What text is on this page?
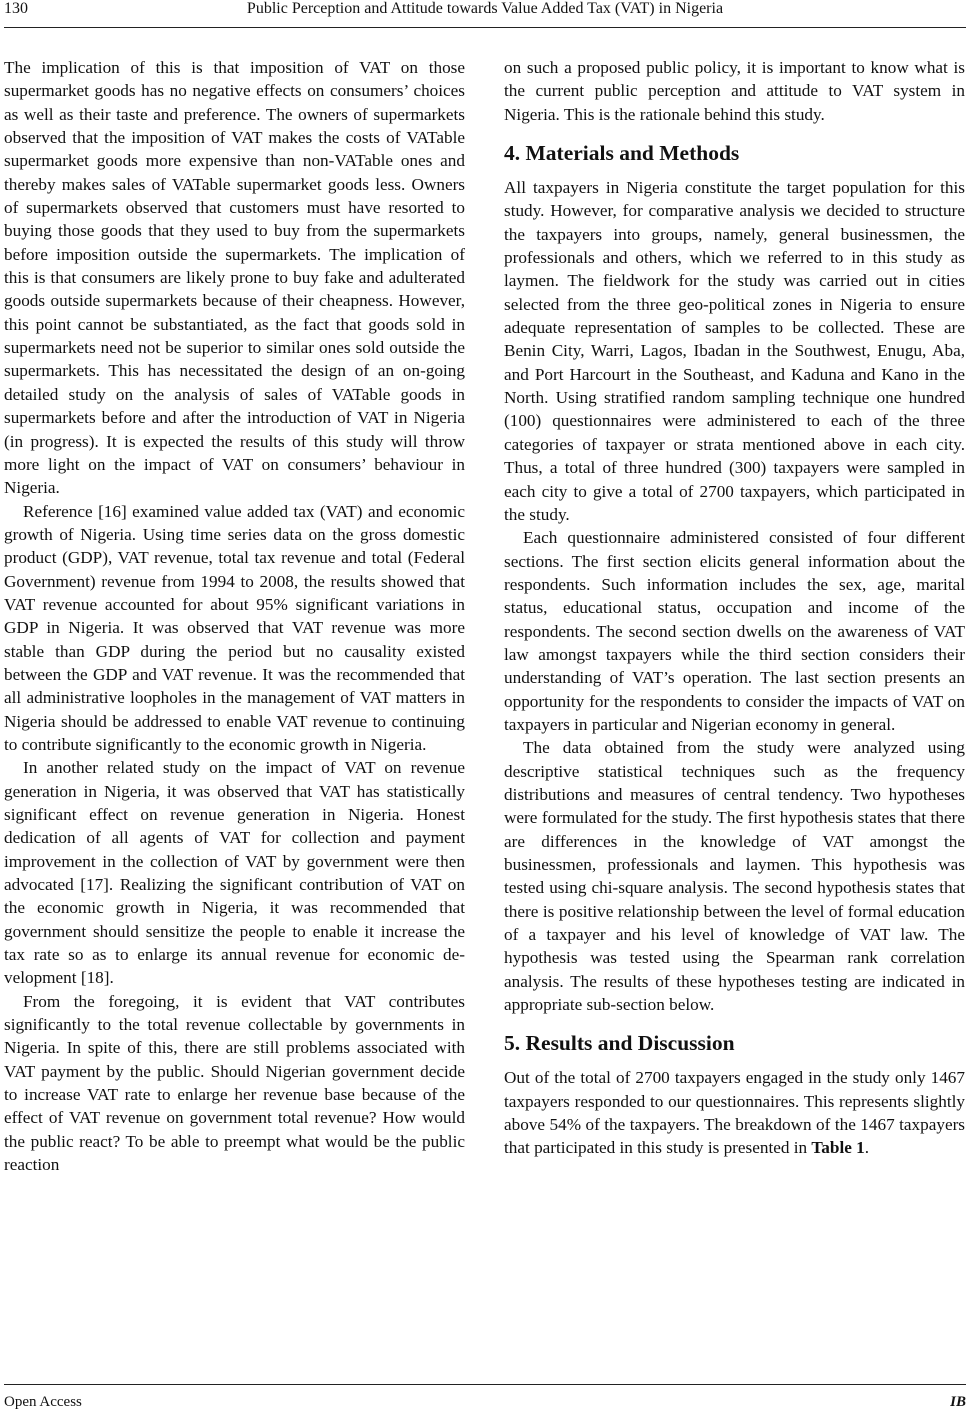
130	Public Perception and Attitude towards Value Added Tax (VAT) in Nigeria

The implication of this is that imposition of VAT on those supermarket goods has no negative effects on consumers’ choices as well as their taste and preference. The owners of supermarkets observed that the imposition of VAT makes the costs of VATable supermarket goods more expensive than non-VATable ones and thereby makes sales of VATable supermarket goods less. Owners of supermarkets observed that customers must have resorted to buying those goods that they used to buy from the supermarkets before imposition outside the supermarkets. The implication of this is that consumers are likely prone to buy fake and adulterated goods outside supermarkets because of their cheapness. However, this point cannot be substantiated, as the fact that goods sold in supermarkets need not be superior to similar ones sold outside the supermarkets. This has necessitated the design of an on-going detailed study on the analysis of sales of VATable goods in supermarkets before and after the introduction of VAT in Nigeria (in progress). It is expected the results of this study will throw more light on the impact of VAT on consumers’ behaviour in Nigeria.

Reference [16] examined value added tax (VAT) and economic growth of Nigeria. Using time series data on the gross domestic product (GDP), VAT revenue, total tax revenue and total (Federal Government) revenue from 1994 to 2008, the results showed that VAT revenue accounted for about 95% significant variations in GDP in Nigeria. It was observed that VAT revenue was more stable than GDP during the period but no causality existed between the GDP and VAT revenue. It was the recommended that all administrative loopholes in the management of VAT matters in Nigeria should be addressed to enable VAT revenue to continuing to contribute significantly to the economic growth in Nigeria.

In another related study on the impact of VAT on revenue generation in Nigeria, it was observed that VAT has statistically significant effect on revenue generation in Nigeria. Honest dedication of all agents of VAT for collection and payment improvement in the collection of VAT by government were then advocated [17]. Realizing the significant contribution of VAT on the economic growth in Nigeria, it was recommended that government should sensitize the people to enable it increase the tax rate so as to enlarge its annual revenue for economic development [18].

From the foregoing, it is evident that VAT contributes significantly to the total revenue collectable by governments in Nigeria. In spite of this, there are still problems associated with VAT payment by the public. Should Nigerian government decide to increase VAT rate to enlarge her revenue base because of the effect of VAT revenue on government total revenue? How would the public react? To be able to preempt what would be the public reaction

on such a proposed public policy, it is important to know what is the current public perception and attitude to VAT system in Nigeria. This is the rationale behind this study.

4. Materials and Methods

All taxpayers in Nigeria constitute the target population for this study. However, for comparative analysis we decided to structure the taxpayers into groups, namely, general businessmen, the professionals and others, which we referred to in this study as laymen. The fieldwork for the study was carried out in cities selected from the three geo-political zones in Nigeria to ensure adequate representation of samples to be collected. These are Benin City, Warri, Lagos, Ibadan in the Southwest, Enugu, Aba, and Port Harcourt in the Southeast, and Kaduna and Kano in the North. Using stratified random sampling technique one hundred (100) questionnaires were administered to each of the three categories of taxpayer or strata mentioned above in each city. Thus, a total of three hundred (300) taxpayers were sampled in each city to give a total of 2700 taxpayers, which participated in the study.

Each questionnaire administered consisted of four different sections. The first section elicits general information about the respondents. Such information includes the sex, age, marital status, educational status, occupation and income of the respondents. The second section dwells on the awareness of VAT law amongst taxpayers while the third section considers their understanding of VAT’s operation. The last section presents an opportunity for the respondents to consider the impacts of VAT on taxpayers in particular and Nigerian economy in general.

The data obtained from the study were analyzed using descriptive statistical techniques such as the frequency distributions and measures of central tendency. Two hypotheses were formulated for the study. The first hypothesis states that there are differences in the knowledge of VAT amongst the businessmen, professionals and laymen. This hypothesis was tested using chi-square analysis. The second hypothesis states that there is positive relationship between the level of formal education of a taxpayer and his level of knowledge of VAT law. The hypothesis was tested using the Spearman rank correlation analysis. The results of these hypotheses testing are indicated in appropriate sub-section below.

5. Results and Discussion

Out of the total of 2700 taxpayers engaged in the study only 1467 taxpayers responded to our questionnaires. This represents slightly above 54% of the taxpayers. The breakdown of the 1467 taxpayers that participated in this study is presented in Table 1.

Open Access	IB
